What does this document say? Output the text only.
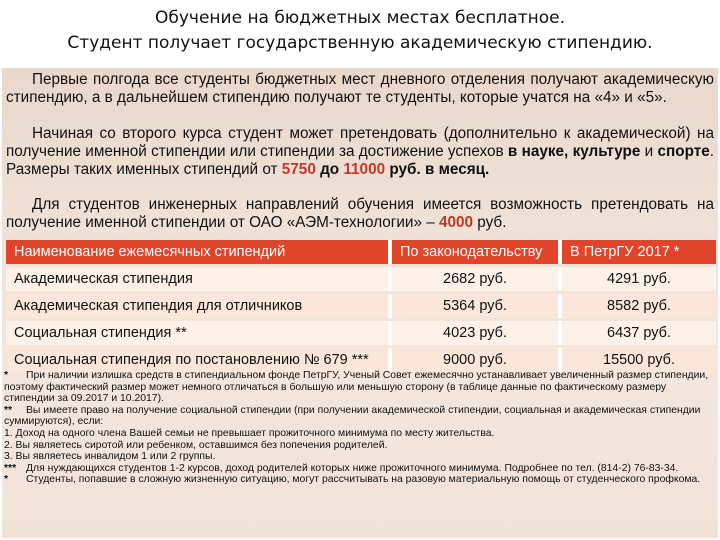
Обучение на бюджетных местах бесплатное.
Студент получает государственную академическую стипендию.
Первые полгода все студенты бюджетных мест дневного отделения получают академическую стипендию, а в дальнейшем стипендию получают те студенты, которые учатся на «4» и «5».
Начиная со второго курса студент может претендовать (дополнительно к академической) на получение именной стипендии или стипендии за достижение успехов в науке, культуре и спорте. Размеры таких именных стипендий от 5750 до 11000 руб. в месяц.
Для студентов инженерных направлений обучения имеется возможность претендовать на получение именной стипендии от ОАО «АЭМ-технологии» – 4000 руб.
Наименование ежемесячных стипендий	По законодательству	В ПетрГУ 2017 *
Академическая стипендия	2682 руб.	4291 руб.
Академическая стипендия для отличников	5364 руб.	8582 руб.
Социальная стипендия **	4023 руб.	6437 руб.
Социальная стипендия по постановлению № 679 ***	9000 руб.	15500 руб.
* При наличии излишка средств в стипендиальном фонде ПетрГУ, Ученый Совет ежемесячно устанавливает увеличенный размер стипендии, поэтому фактический размер может немного отличаться в большую или меньшую сторону (в таблице данные по фактическому размеру стипендии за 09.2017 и 10.2017).
** Вы имеете право на получение социальной стипендии (при получении академической стипендии, социальная и академическая стипендии суммируются), если:
1. Доход на одного члена Вашей семьи не превышает прожиточного минимума по месту жительства.
2. Вы являетесь сиротой или ребенком, оставшимся без попечения родителей.
3. Вы являетесь инвалидом 1 или 2 группы.
*** Для нуждающихся студентов 1-2 курсов, доход родителей которых ниже прожиточного минимума. Подробнее по тел. (814-2) 76-83-34.
* Студенты, попавшие в сложную жизненную ситуацию, могут рассчитывать на разовую материальную помощь от студенческого профкома.
